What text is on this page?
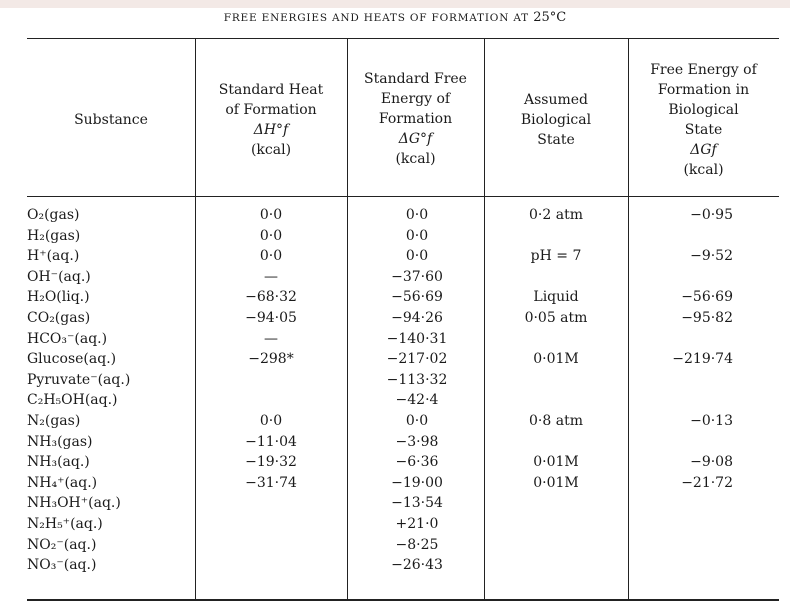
FREE ENERGIES AND HEATS OF FORMATION AT 25°C
Substance
Standard Heat
of Formation
ΔH°f
(kcal)
Standard Free
Energy of
Formation
ΔG°f
(kcal)
Assumed
Biological
State
Free Energy of
Formation in
Biological
State
ΔGf
(kcal)
O₂(gas)
H₂(gas)
H⁺(aq.)
OH⁻(aq.)
H₂O(liq.)
CO₂(gas)
HCO₃⁻(aq.)
Glucose(aq.)
Pyruvate⁻(aq.)
C₂H₅OH(aq.)
N₂(gas)
NH₃(gas)
NH₃(aq.)
NH₄⁺(aq.)
NH₃OH⁺(aq.)
N₂H₅⁺(aq.)
NO₂⁻(aq.)
NO₃⁻(aq.)
0·0
0·0
0·0
—
−68·32
−94·05
—
−298*
0·0
−11·04
−19·32
−31·74
0·0
0·0
0·0
−37·60
−56·69
−94·26
−140·31
−217·02
−113·32
−42·4
0·0
−3·98
−6·36
−19·00
−13·54
+21·0
−8·25
−26·43
0·2 atm
pH = 7
Liquid
0·05 atm
0·01M
0·8 atm
0·01M
0·01M
−0·95
−9·52
−56·69
−95·82
−219·74
−0·13
−9·08
−21·72
